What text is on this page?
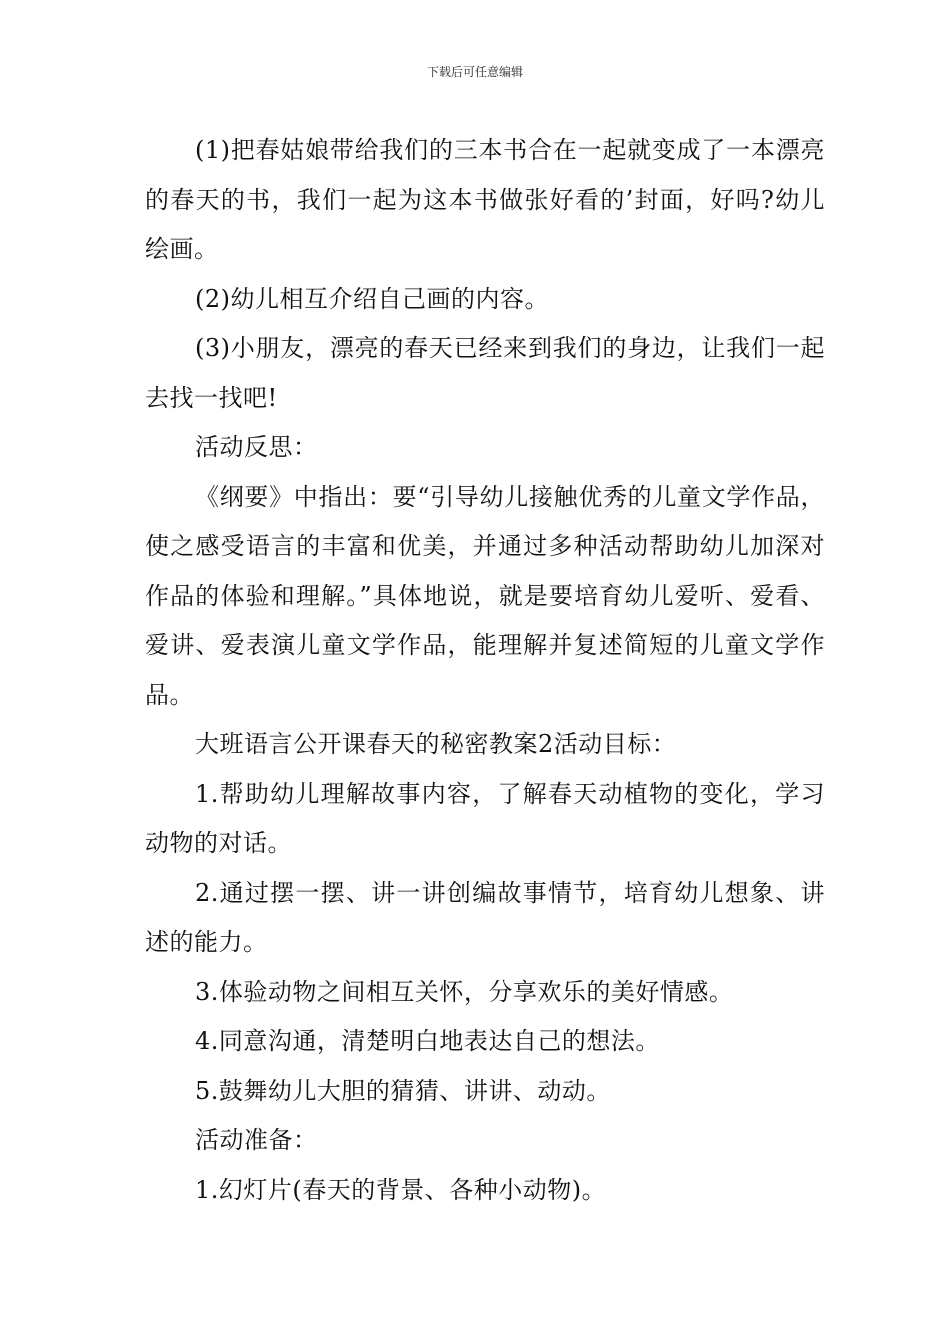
下载后可任意编辑

(1)把春姑娘带给我们的三本书合在一起就变成了一本漂亮的春天的书，我们一起为这本书做张好看的’封面，好吗?幼儿绘画。

(2)幼儿相互介绍自己画的内容。

(3)小朋友，漂亮的春天已经来到我们的身边，让我们一起去找一找吧!

活动反思：

《纲要》中指出：要“引导幼儿接触优秀的儿童文学作品，使之感受语言的丰富和优美，并通过多种活动帮助幼儿加深对作品的体验和理解。”具体地说，就是要培育幼儿爱听、爱看、爱讲、爱表演儿童文学作品，能理解并复述简短的儿童文学作品。

大班语言公开课春天的秘密教案2活动目标：

1.帮助幼儿理解故事内容，了解春天动植物的变化，学习动物的对话。

2.通过摆一摆、讲一讲创编故事情节，培育幼儿想象、讲述的能力。

3.体验动物之间相互关怀，分享欢乐的美好情感。

4.同意沟通，清楚明白地表达自己的想法。

5.鼓舞幼儿大胆的猜猜、讲讲、动动。

活动准备：

1.幻灯片(春天的背景、各种小动物)。
